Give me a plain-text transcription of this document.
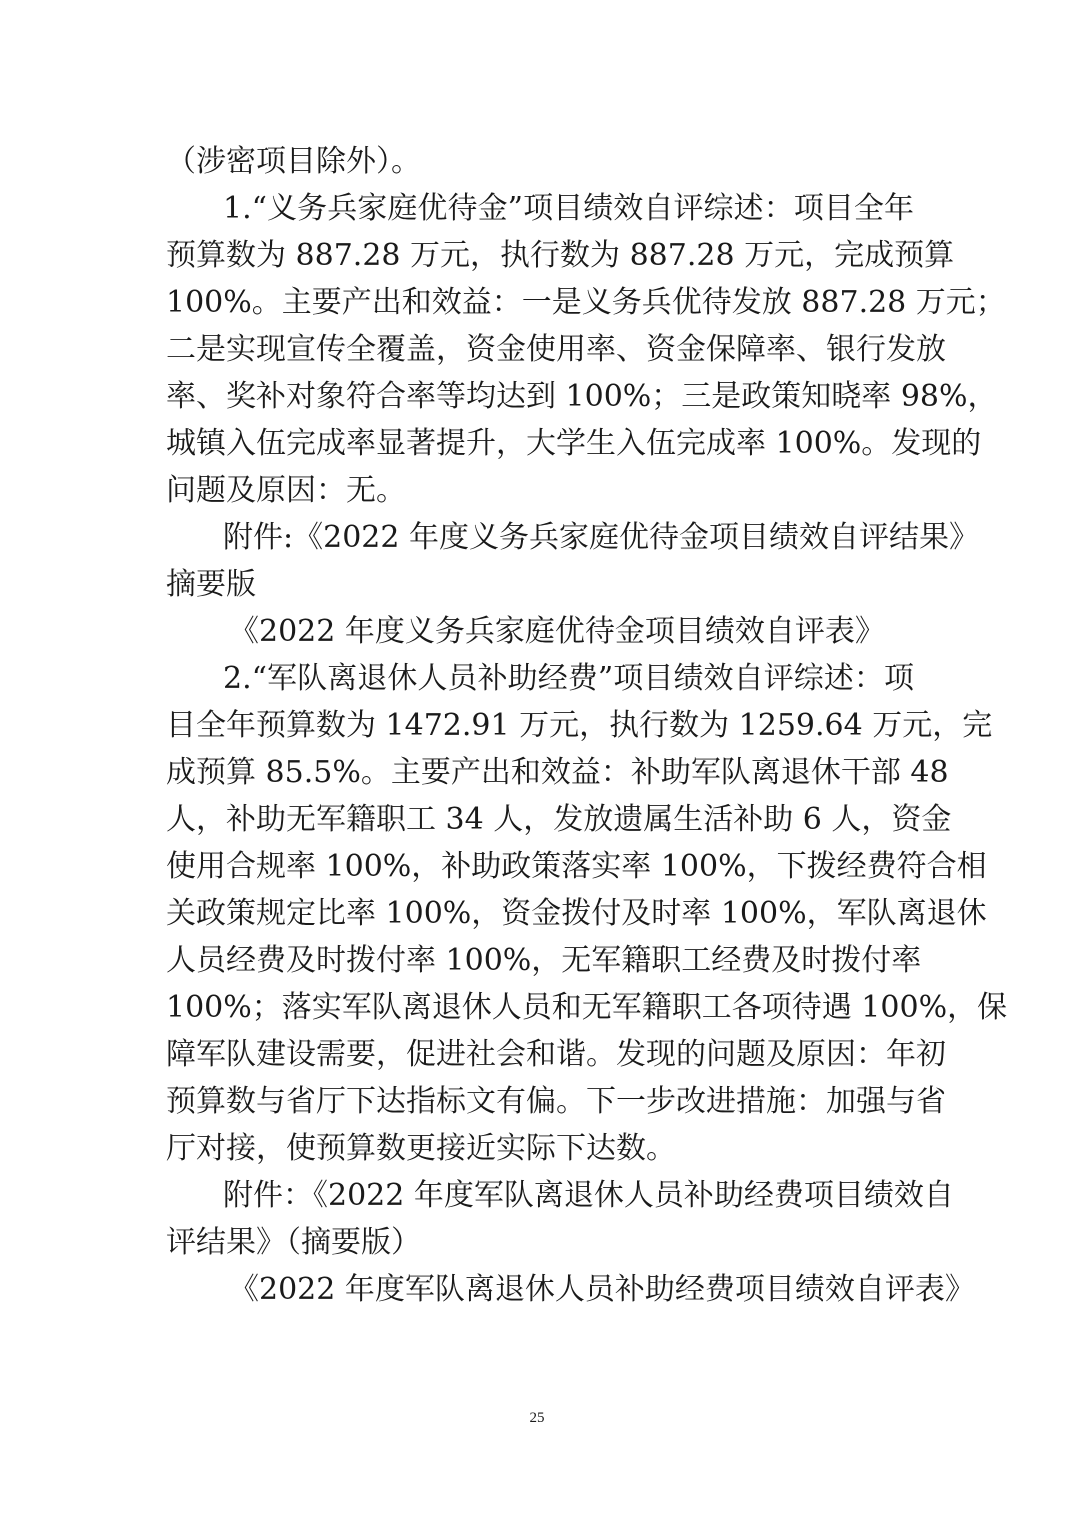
（涉密项目除外）。
1.“义务兵家庭优待金”项目绩效自评综述：项目全年
预算数为 887.28 万元，执行数为 887.28 万元，完成预算
100%。主要产出和效益：一是义务兵优待发放 887.28 万元；
二是实现宣传全覆盖，资金使用率、资金保障率、银行发放
率、奖补对象符合率等均达到 100%；三是政策知晓率 98%，
城镇入伍完成率显著提升，大学生入伍完成率 100%。发现的
问题及原因：无。
附件:《2022 年度义务兵家庭优待金项目绩效自评结果》
摘要版
《2022 年度义务兵家庭优待金项目绩效自评表》
2.“军队离退休人员补助经费”项目绩效自评综述：项
目全年预算数为 1472.91 万元，执行数为 1259.64 万元，完
成预算 85.5%。主要产出和效益：补助军队离退休干部 48
人，补助无军籍职工 34 人，发放遗属生活补助 6 人，资金
使用合规率 100%，补助政策落实率 100%，下拨经费符合相
关政策规定比率 100%，资金拨付及时率 100%，军队离退休
人员经费及时拨付率 100%，无军籍职工经费及时拨付率
100%；落实军队离退休人员和无军籍职工各项待遇 100%，保
障军队建设需要，促进社会和谐。发现的问题及原因：年初
预算数与省厅下达指标文有偏。下一步改进措施：加强与省
厅对接，使预算数更接近实际下达数。
附件：《2022 年度军队离退休人员补助经费项目绩效自
评结果》（摘要版）
《2022 年度军队离退休人员补助经费项目绩效自评表》
25
